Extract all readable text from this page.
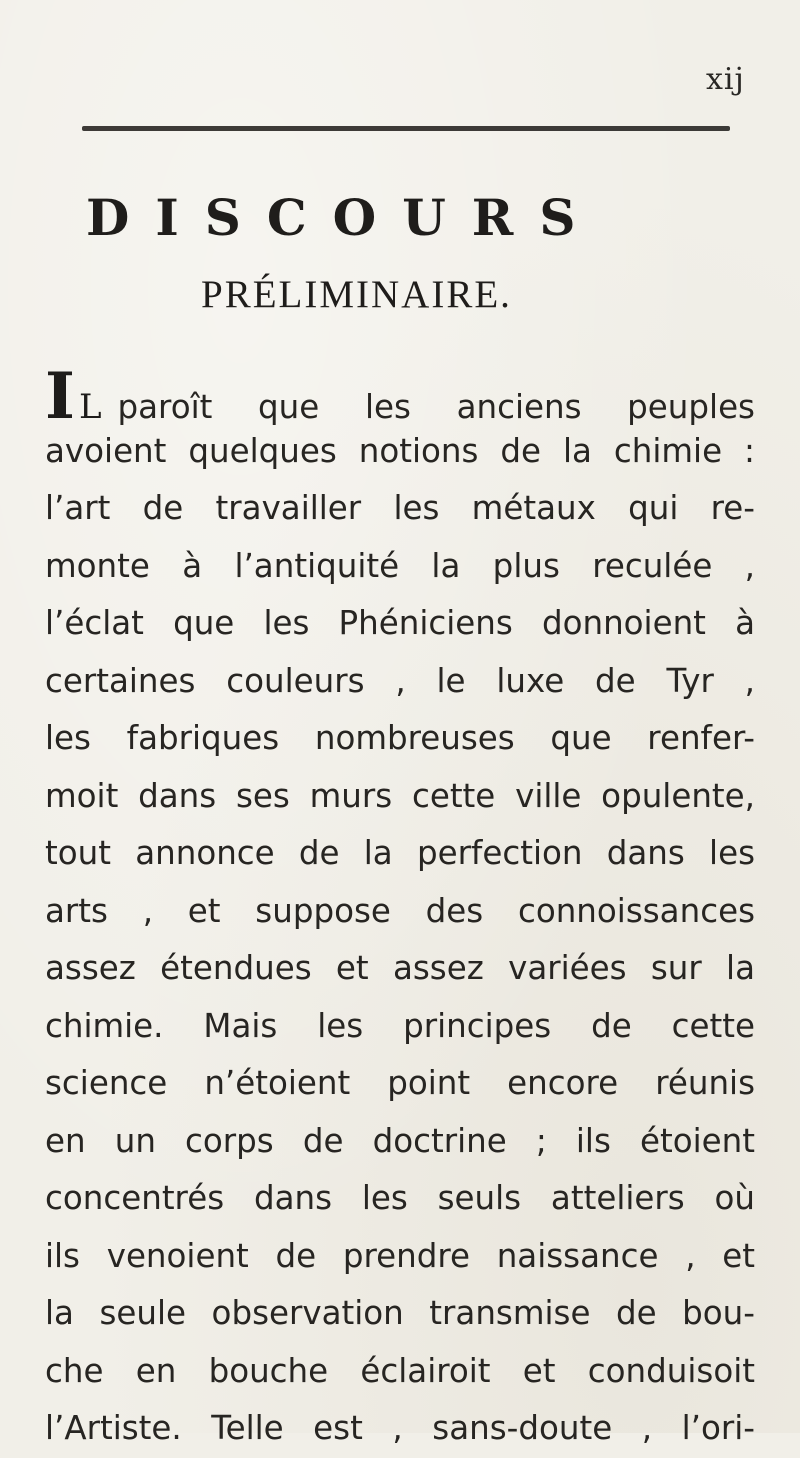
xij
DISCOURS
PRÉLIMINAIRE.
I L paroît que les anciens peuples
avoient quelques notions de la chimie :
l’art de travailler les métaux qui re-
monte à l’antiquité la plus reculée ,
l’éclat que les Phéniciens donnoient à
certaines couleurs , le luxe de Tyr ,
les fabriques nombreuses que renfer-
moit dans ses murs cette ville opulente,
tout annonce de la perfection dans les
arts , et suppose des connoissances
assez étendues et assez variées sur la
chimie. Mais les principes de cette
science n’étoient point encore réunis
en un corps de doctrine ; ils étoient
concentrés dans les seuls atteliers où
ils venoient de prendre naissance , et
la seule observation transmise de bou-
che en bouche éclairoit et conduisoit
l’Artiste. Telle est , sans-doute , l’ori-
